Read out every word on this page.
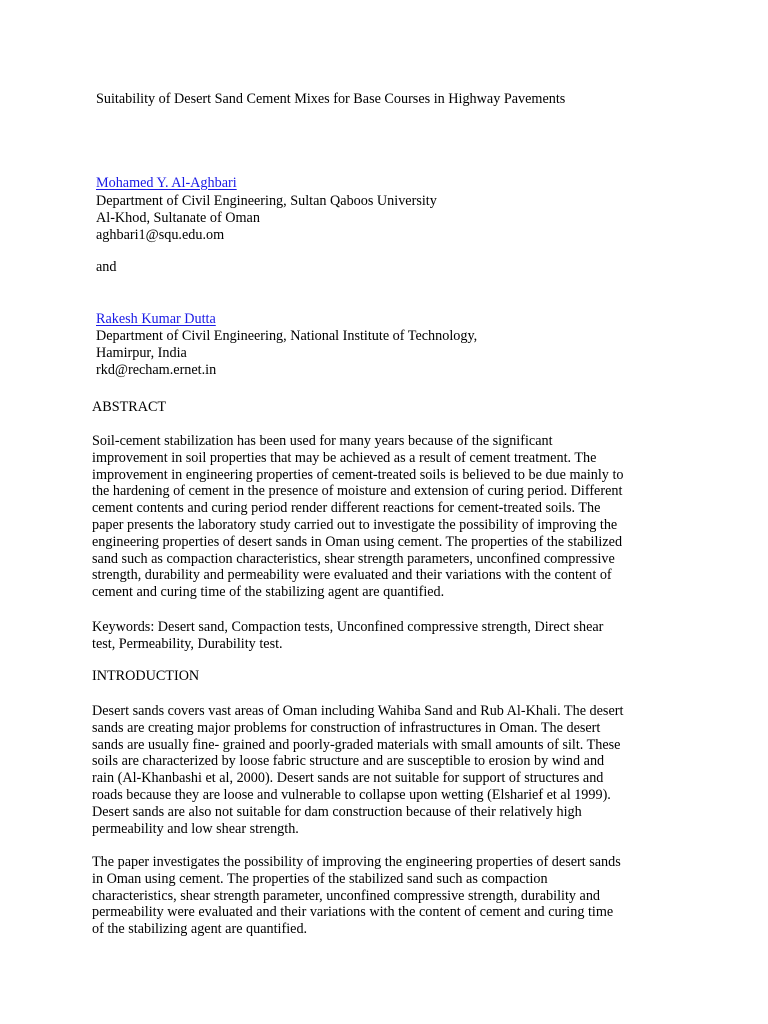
Suitability of Desert Sand Cement Mixes for Base Courses in Highway Pavements

Mohamed Y. Al-Aghbari

Department of Civil Engineering, Sultan Qaboos University
Al-Khod, Sultanate of Oman
aghbari1@squ.edu.om

and

Rakesh Kumar Dutta

Department of Civil Engineering, National Institute of Technology,
Hamirpur, India
rkd@recham.ernet.in

ABSTRACT

Soil-cement stabilization has been used for many years because of the significant
improvement in soil properties that may be achieved as a result of cement treatment. The
improvement in engineering properties of cement-treated soils is believed to be due mainly to
the hardening of cement in the presence of moisture and extension of curing period. Different
cement contents and curing period render different reactions for cement-treated soils. The
paper presents the laboratory study carried out to investigate the possibility of improving the
engineering properties of desert sands in Oman using cement. The properties of the stabilized
sand such as compaction characteristics, shear strength parameters, unconfined compressive
strength, durability and permeability were evaluated and their variations with the content of
cement and curing time of the stabilizing agent are quantified.

Keywords: Desert sand, Compaction tests, Unconfined compressive strength, Direct shear
test, Permeability, Durability test.

INTRODUCTION

Desert sands covers vast areas of Oman including Wahiba Sand and Rub Al-Khali. The desert
sands are creating major problems for construction of infrastructures in Oman. The desert
sands are usually fine- grained and poorly-graded materials with small amounts of silt. These
soils are characterized by loose fabric structure and are susceptible to erosion by wind and
rain (Al-Khanbashi et al, 2000). Desert sands are not suitable for support of structures and
roads because they are loose and vulnerable to collapse upon wetting (Elsharief et al 1999).
Desert sands are also not suitable for dam construction because of their relatively high
permeability and low shear strength.

The paper investigates the possibility of improving the engineering properties of desert sands
in Oman using cement. The properties of the stabilized sand such as compaction
characteristics, shear strength parameter, unconfined compressive strength, durability and
permeability were evaluated and their variations with the content of cement and curing time
of the stabilizing agent are quantified.
